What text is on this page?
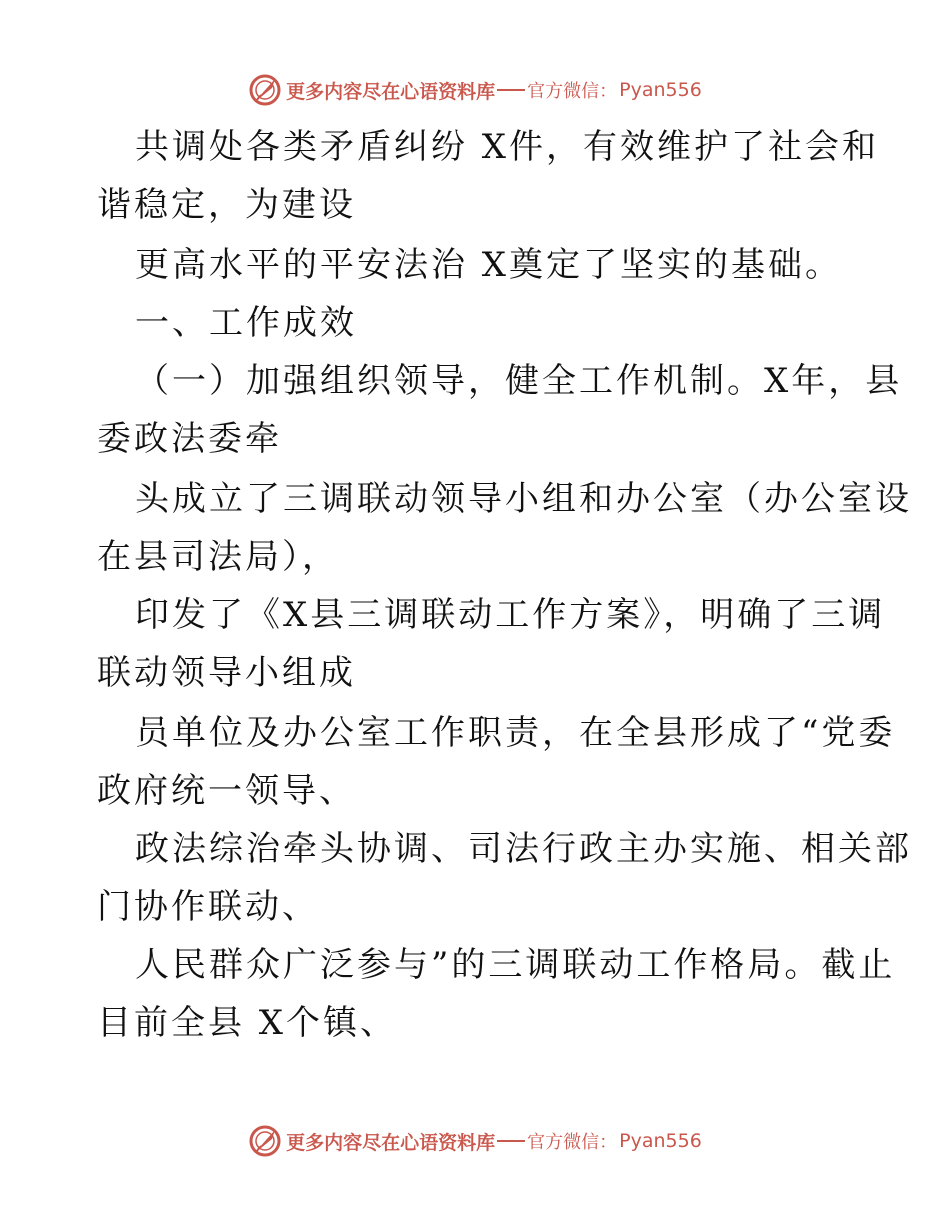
更多内容尽在心语资料库 官方微信： Pyan556
共调处各类矛盾纠纷 X件，有效维护了社会和
谐稳定，为建设
更高水平的平安法治 X奠定了坚实的基础。
一、工作成效
（一）加强组织领导，健全工作机制。X年，县
委政法委牵
头成立了三调联动领导小组和办公室（办公室设
在县司法局），
印发了《X县三调联动工作方案》，明确了三调
联动领导小组成
员单位及办公室工作职责，在全县形成了“党委
政府统一领导、
政法综治牵头协调、司法行政主办实施、相关部
门协作联动、
人民群众广泛参与”的三调联动工作格局。截止
目前全县 X个镇、
更多内容尽在心语资料库 官方微信： Pyan556
